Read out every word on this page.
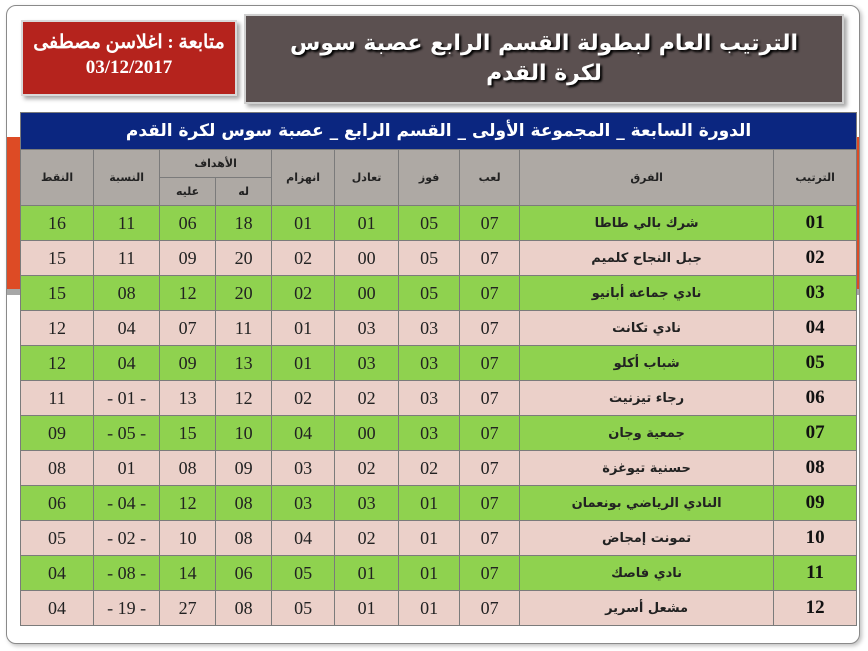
الترتيب العام لبطولة القسم الرابع عصبة سوس لكرة القدم
متابعة : اغلاسن مصطفى
03/12/2017
الدورة السابعة _ المجموعة الأولى _ القسم الرابع _ عصبة سوس لكرة القدم									
الترتيب	الفرق	لعب	فوز	تعادل	انهزام	الأهداف		النسبة	النقط
						له	عليه		
01	شرك بالي طاطا	07	05	01	01	18	06	11	16
02	جبل النجاح كلميم	07	05	00	02	20	09	11	15
03	نادي جماعة أبانيو	07	05	00	02	20	12	08	15
04	نادي تكانت	07	03	03	01	11	07	04	12
05	شباب أكلو	07	03	03	01	13	09	04	12
06	رجاء تيزنيت	07	03	02	02	12	13	- 01 -	11
07	جمعية وجان	07	03	00	04	10	15	- 05 -	09
08	حسنية تيوغزة	07	02	02	03	09	08	01	08
09	النادي الرياضي بونعمان	07	01	03	03	08	12	- 04 -	06
10	تمونت إمجاض	07	01	02	04	08	10	- 02 -	05
11	نادي فاصك	07	01	01	05	06	14	- 08 -	04
12	مشعل أسرير	07	01	01	05	08	27	- 19 -	04
